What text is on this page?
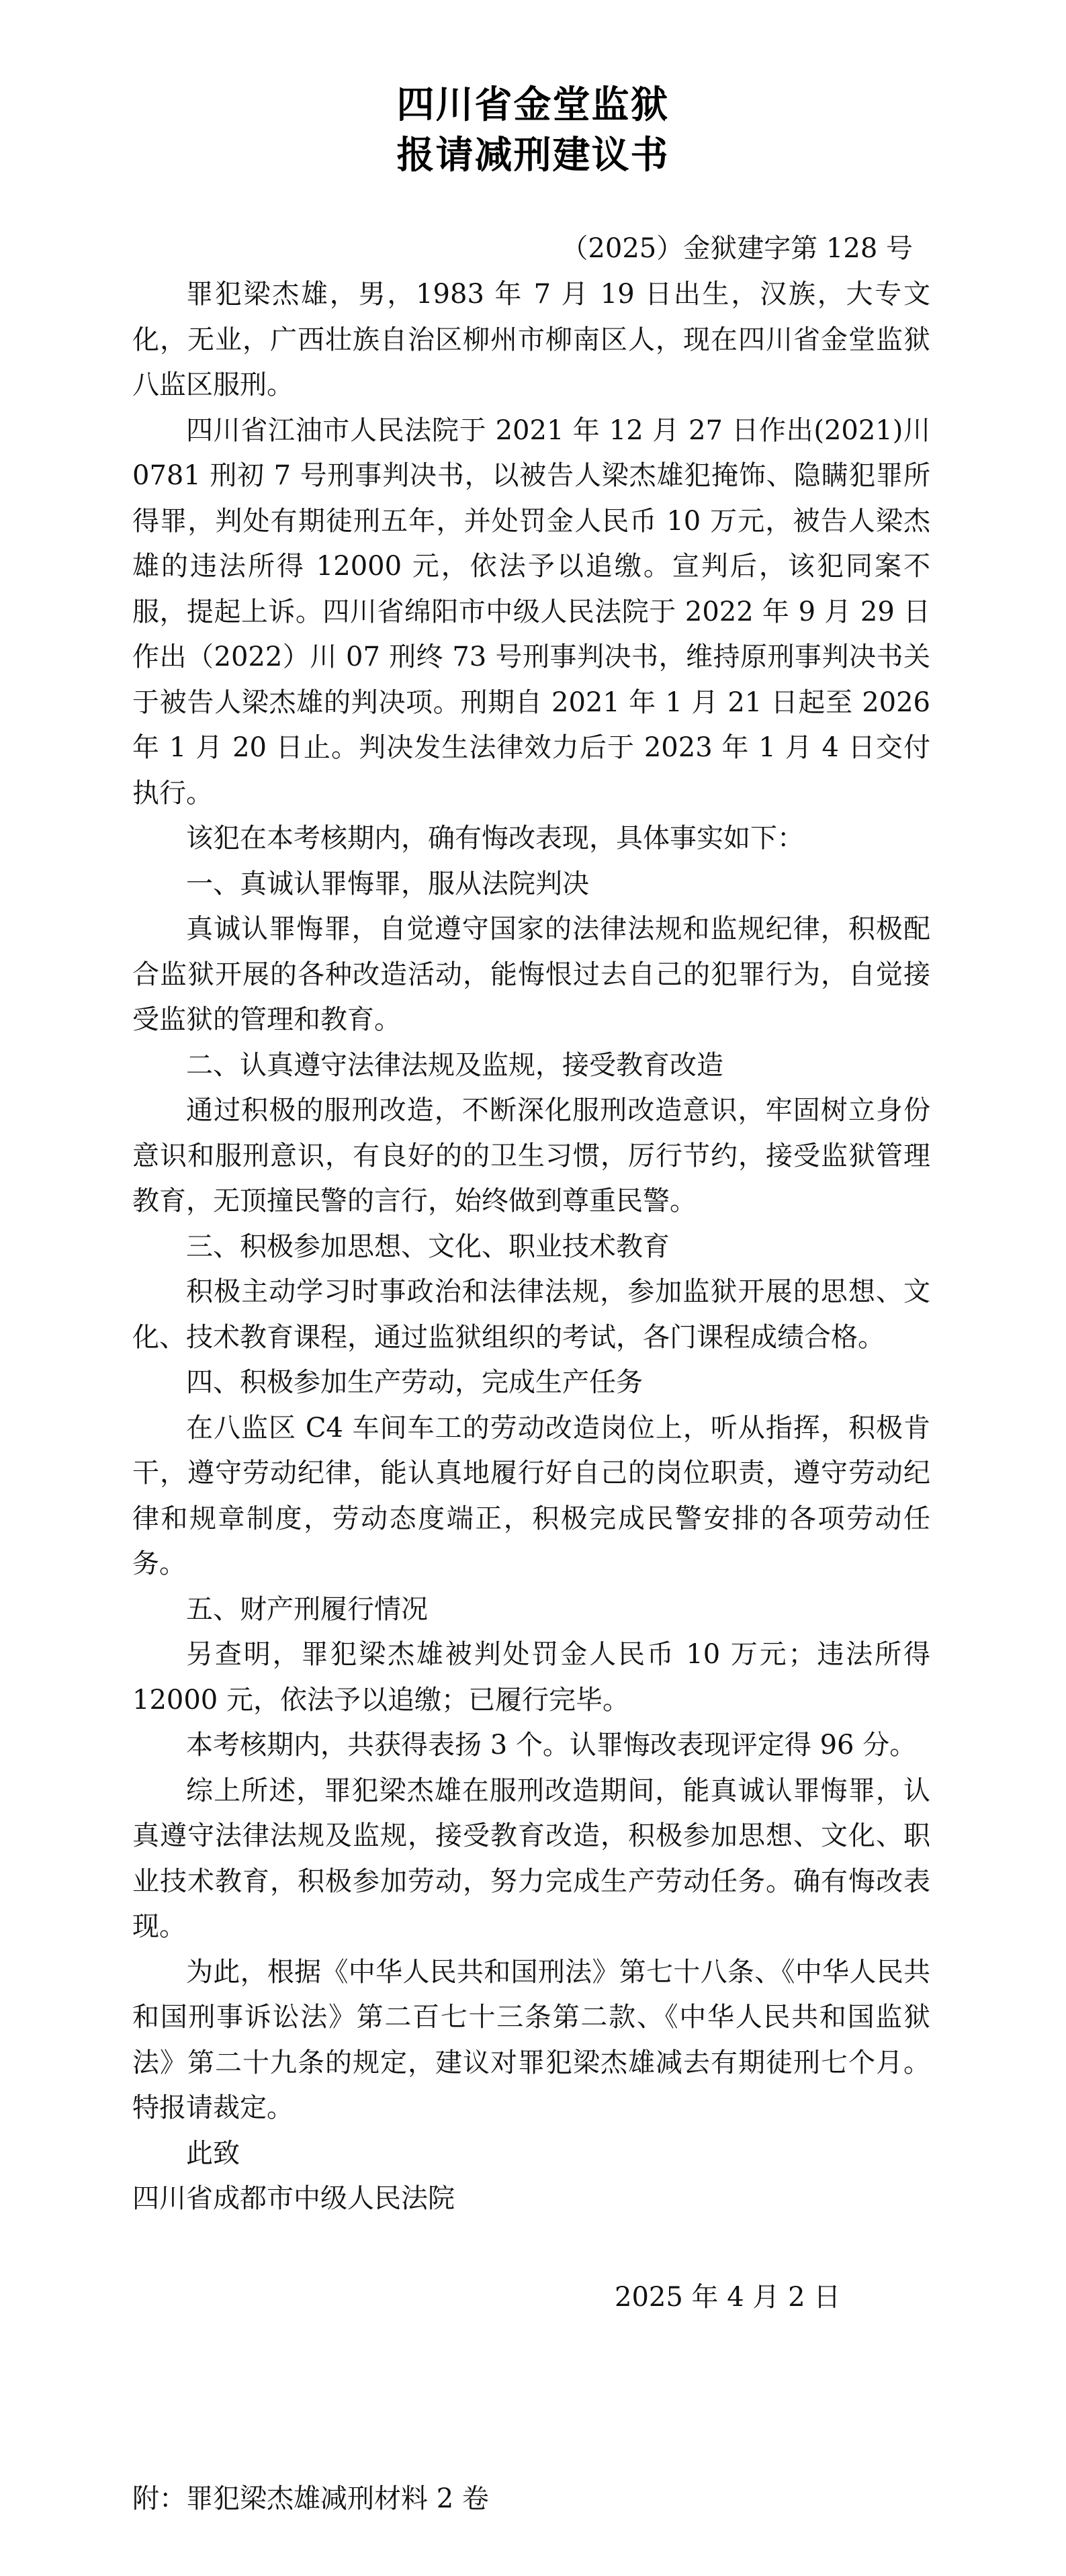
四川省金堂监狱
报请减刑建议书
（2025）金狱建字第 128 号

罪犯梁杰雄，男，1983 年 7 月 19 日出生，汉族，大专文化，无业，广西壮族自治区柳州市柳南区人，现在四川省金堂监狱八监区服刑。

四川省江油市人民法院于 2021 年 12 月 27 日作出(2021)川 0781 刑初 7 号刑事判决书，以被告人梁杰雄犯掩饰、隐瞒犯罪所得罪，判处有期徒刑五年，并处罚金人民币 10 万元，被告人梁杰雄的违法所得 12000 元，依法予以追缴。宣判后，该犯同案不服，提起上诉。四川省绵阳市中级人民法院于 2022 年 9 月 29 日作出（2022）川 07 刑终 73 号刑事判决书，维持原刑事判决书关于被告人梁杰雄的判决项。刑期自 2021 年 1 月 21 日起至 2026 年 1 月 20 日止。判决发生法律效力后于 2023 年 1 月 4 日交付执行。

该犯在本考核期内，确有悔改表现，具体事实如下：

一、真诚认罪悔罪，服从法院判决

真诚认罪悔罪，自觉遵守国家的法律法规和监规纪律，积极配合监狱开展的各种改造活动，能悔恨过去自己的犯罪行为，自觉接受监狱的管理和教育。

二、认真遵守法律法规及监规，接受教育改造

通过积极的服刑改造，不断深化服刑改造意识，牢固树立身份意识和服刑意识，有良好的的卫生习惯，厉行节约，接受监狱管理教育，无顶撞民警的言行，始终做到尊重民警。

三、积极参加思想、文化、职业技术教育

积极主动学习时事政治和法律法规，参加监狱开展的思想、文化、技术教育课程，通过监狱组织的考试，各门课程成绩合格。

四、积极参加生产劳动，完成生产任务

在八监区 C4 车间车工的劳动改造岗位上，听从指挥，积极肯干，遵守劳动纪律，能认真地履行好自己的岗位职责，遵守劳动纪律和规章制度，劳动态度端正，积极完成民警安排的各项劳动任务。

五、财产刑履行情况

另查明，罪犯梁杰雄被判处罚金人民币 10 万元；违法所得 12000 元，依法予以追缴；已履行完毕。

本考核期内，共获得表扬 3 个。认罪悔改表现评定得 96 分。

综上所述，罪犯梁杰雄在服刑改造期间，能真诚认罪悔罪，认真遵守法律法规及监规，接受教育改造，积极参加思想、文化、职业技术教育，积极参加劳动，努力完成生产劳动任务。确有悔改表现。

为此，根据《中华人民共和国刑法》第七十八条、《中华人民共和国刑事诉讼法》第二百七十三条第二款、《中华人民共和国监狱法》第二十九条的规定，建议对罪犯梁杰雄减去有期徒刑七个月。特报请裁定。

此致

四川省成都市中级人民法院

2025 年 4 月 2 日
附：罪犯梁杰雄减刑材料 2 卷
